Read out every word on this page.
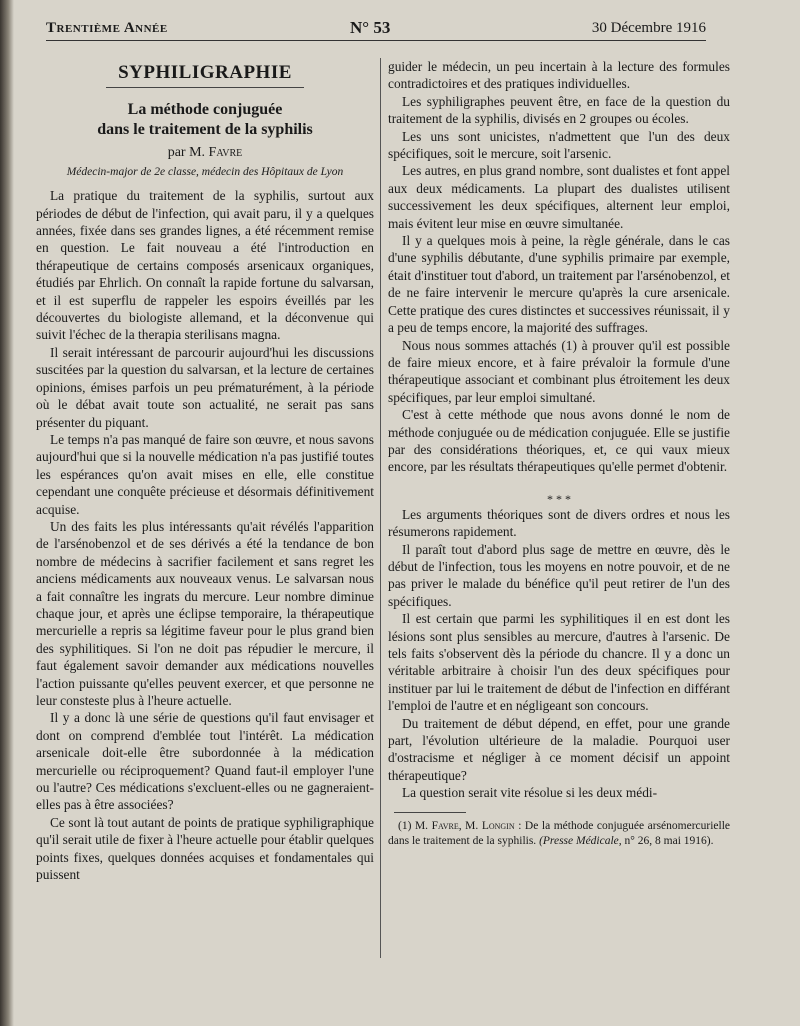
Trentième Année	N° 53	30 Décembre 1916
SYPHILIGRAPHIE
La méthode conjuguée
dans le traitement de la syphilis
par M. Favre
Médecin-major de 2e classe, médecin des Hôpitaux de Lyon

La pratique du traitement de la syphilis, surtout aux périodes de début de l'infection, qui avait paru, il y a quelques années, fixée dans ses grandes lignes, a été récemment remise en question. Le fait nouveau a été l'introduction en thérapeutique de certains composés arsenicaux organiques, étudiés par Ehrlich. On connaît la rapide fortune du salvarsan, et il est superflu de rappeler les espoirs éveillés par les découvertes du biologiste allemand, et la déconvenue qui suivit l'échec de la therapia sterilisans magna.

Il serait intéressant de parcourir aujourd'hui les discussions suscitées par la question du salvarsan, et la lecture de certaines opinions, émises parfois un peu prématurément, à la période où le débat avait toute son actualité, ne serait pas sans présenter du piquant.

Le temps n'a pas manqué de faire son œuvre, et nous savons aujourd'hui que si la nouvelle médication n'a pas justifié toutes les espérances qu'on avait mises en elle, elle constitue cependant une conquête précieuse et désormais définitivement acquise.

Un des faits les plus intéressants qu'ait révélés l'apparition de l'arsénobenzol et de ses dérivés a été la tendance de bon nombre de médecins à sacrifier facilement et sans regret les anciens médicaments aux nouveaux venus. Le salvarsan nous a fait connaître les ingrats du mercure. Leur nombre diminue chaque jour, et après une éclipse temporaire, la thérapeutique mercurielle a repris sa légitime faveur pour le plus grand bien des syphilitiques. Si l'on ne doit pas répudier le mercure, il faut également savoir demander aux médications nouvelles l'action puissante qu'elles peuvent exercer, et que personne ne leur consteste plus à l'heure actuelle.

Il y a donc là une série de questions qu'il faut envisager et dont on comprend d'emblée tout l'intérêt. La médication arsenicale doit-elle être subordonnée à la médication mercurielle ou réciproquement? Quand faut-il employer l'une ou l'autre? Ces médications s'excluent-elles ou ne gagneraient-elles pas à être associées?

Ce sont là tout autant de points de pratique syphiligraphique qu'il serait utile de fixer à l'heure actuelle pour établir quelques points fixes, quelques données acquises et fondamentales qui puissent

guider le médecin, un peu incertain à la lecture des formules contradictoires et des pratiques individuelles.

Les syphiligraphes peuvent être, en face de la question du traitement de la syphilis, divisés en 2 groupes ou écoles.

Les uns sont unicistes, n'admettent que l'un des deux spécifiques, soit le mercure, soit l'arsenic.

Les autres, en plus grand nombre, sont dualistes et font appel aux deux médicaments. La plupart des dualistes utilisent successivement les deux spécifiques, alternent leur emploi, mais évitent leur mise en œuvre simultanée.

Il y a quelques mois à peine, la règle générale, dans le cas d'une syphilis débutante, d'une syphilis primaire par exemple, était d'instituer tout d'abord, un traitement par l'arsénobenzol, et de ne faire intervenir le mercure qu'après la cure arsenicale. Cette pratique des cures distinctes et successives réunissait, il y a peu de temps encore, la majorité des suffrages.

Nous nous sommes attachés (1) à prouver qu'il est possible de faire mieux encore, et à faire prévaloir la formule d'une thérapeutique associant et combinant plus étroitement les deux spécifiques, par leur emploi simultané.

C'est à cette méthode que nous avons donné le nom de méthode conjuguée ou de médication conjuguée. Elle se justifie par des considérations théoriques, et, ce qui vaux mieux encore, par les résultats thérapeutiques qu'elle permet d'obtenir.

* * *

Les arguments théoriques sont de divers ordres et nous les résumerons rapidement.

Il paraît tout d'abord plus sage de mettre en œuvre, dès le début de l'infection, tous les moyens en notre pouvoir, et de ne pas priver le malade du bénéfice qu'il peut retirer de l'un des spécifiques.

Il est certain que parmi les syphilitiques il en est dont les lésions sont plus sensibles au mercure, d'autres à l'arsenic. De tels faits s'observent dès la période du chancre. Il y a donc un véritable arbitraire à choisir l'un des deux spécifiques pour instituer par lui le traitement de début de l'infection en différant l'emploi de l'autre et en négligeant son concours.

Du traitement de début dépend, en effet, pour une grande part, l'évolution ultérieure de la maladie. Pourquoi user d'ostracisme et négliger à ce moment décisif un appoint thérapeutique?

La question serait vite résolue si les deux médi-

(1) M. Favre, M. Longin : De la méthode conjuguée arsénomercurielle dans le traitement de la syphilis. (Presse Médicale, n° 26, 8 mai 1916).
